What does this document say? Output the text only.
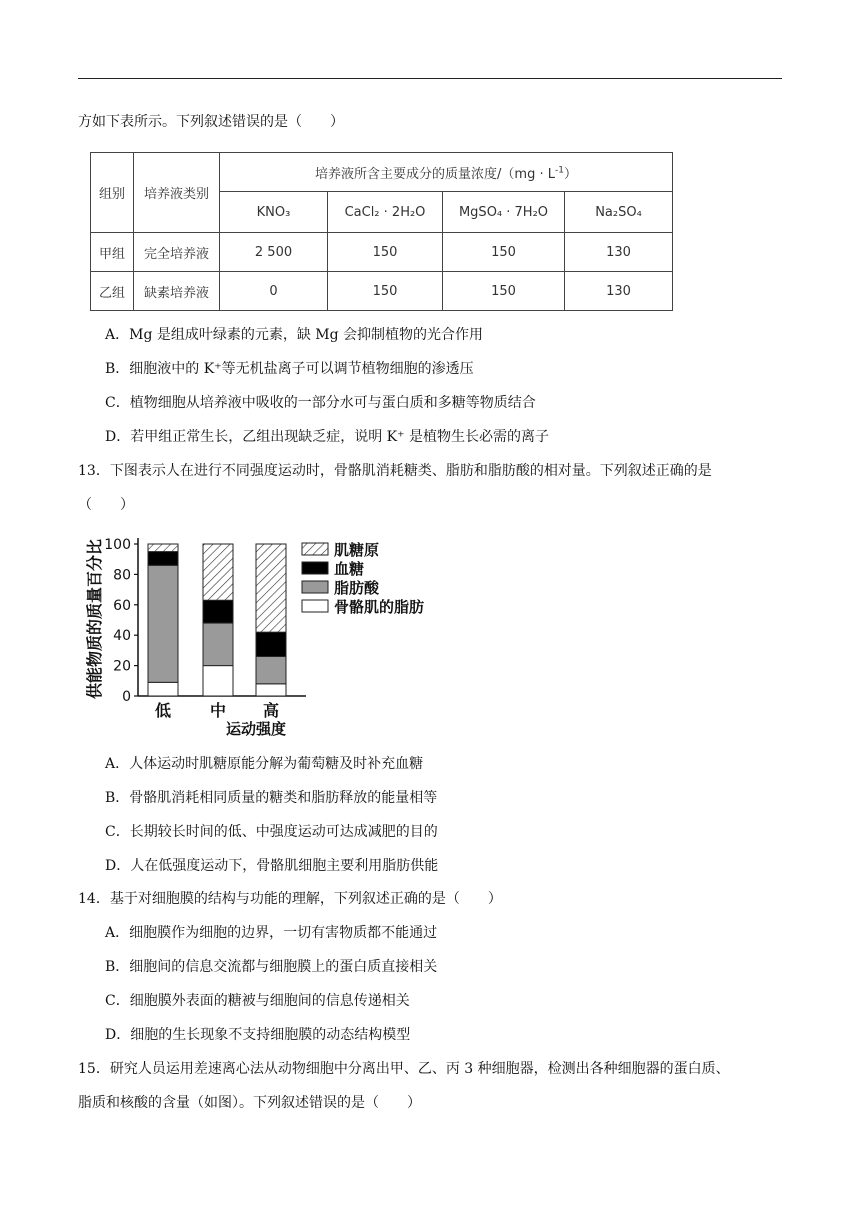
方如下表所示。下列叙述错误的是（　　）
组别	培养液类别	培养液所含主要成分的质量浓度$/(mg \cdot L^{-1})$			
		KNO₃	CaCl₂ · 2H₂O	MgSO₄ · 7H₂O	Na₂SO₄
甲组	完全培养液	2 500	150	150	130
乙组	缺素培养液	0	150	150	130
A．Mg 是组成叶绿素的元素，缺 Mg 会抑制植物的光合作用
B．细胞液中的 K⁺等无机盐离子可以调节植物细胞的渗透压
C．植物细胞从培养液中吸收的一部分水可与蛋白质和多糖等物质结合
D．若甲组正常生长，乙组出现缺乏症，说明 K⁺ 是植物生长必需的离子
13．下图表示人在进行不同强度运动时，骨骼肌消耗糖类、脂肪和脂肪酸的相对量。下列叙述正确的是
（　　）
供能物质的质量百分比 0
20
40
60
80
100
低 中 高
肌糖原
血糖
脂肪酸
骨骼肌的脂肪
运动强度
A．人体运动时肌糖原能分解为葡萄糖及时补充血糖
B．骨骼肌消耗相同质量的糖类和脂肪释放的能量相等
C．长期较长时间的低、中强度运动可达成减肥的目的
D．人在低强度运动下，骨骼肌细胞主要利用脂肪供能
14．基于对细胞膜的结构与功能的理解，下列叙述正确的是（　　）
A．细胞膜作为细胞的边界，一切有害物质都不能通过
B．细胞间的信息交流都与细胞膜上的蛋白质直接相关
C．细胞膜外表面的糖被与细胞间的信息传递相关
D．细胞的生长现象不支持细胞膜的动态结构模型
15．研究人员运用差速离心法从动物细胞中分离出甲、乙、丙 3 种细胞器，检测出各种细胞器的蛋白质、
脂质和核酸的含量（如图）。下列叙述错误的是（　　）
